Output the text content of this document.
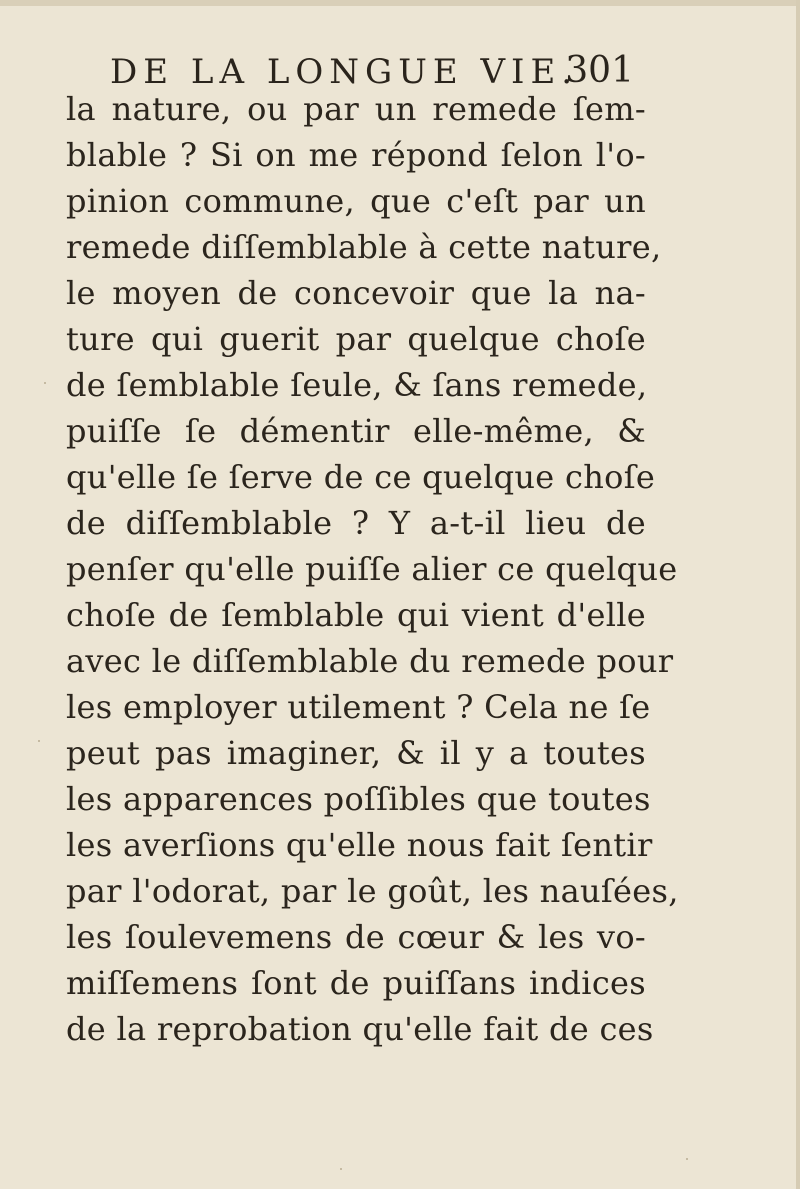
DE LA LONGUE VIE.
301
la nature, ou par un remede ſem-
blable ? Si on me répond ſelon l'o-
pinion commune, que c'eſt par un
remede diſſemblable à cette nature,
le moyen de concevoir que la na-
ture qui guerit par quelque choſe
de ſemblable ſeule, & ſans remede,
puiſſe ſe démentir elle-même, &
qu'elle ſe ſerve de ce quelque choſe
de diſſemblable ? Y a-t-il lieu de
penſer qu'elle puiſſe alier ce quelque
choſe de ſemblable qui vient d'elle
avec le diſſemblable du remede pour
les employer utilement ? Cela ne ſe
peut pas imaginer, & il y a toutes
les apparences poſſibles que toutes
les averſions qu'elle nous fait ſentir
par l'odorat, par le goût, les nauſées,
les ſoulevemens de cœur & les vo-
miſſemens ſont de puiſſans indices
de la reprobation qu'elle fait de ces
